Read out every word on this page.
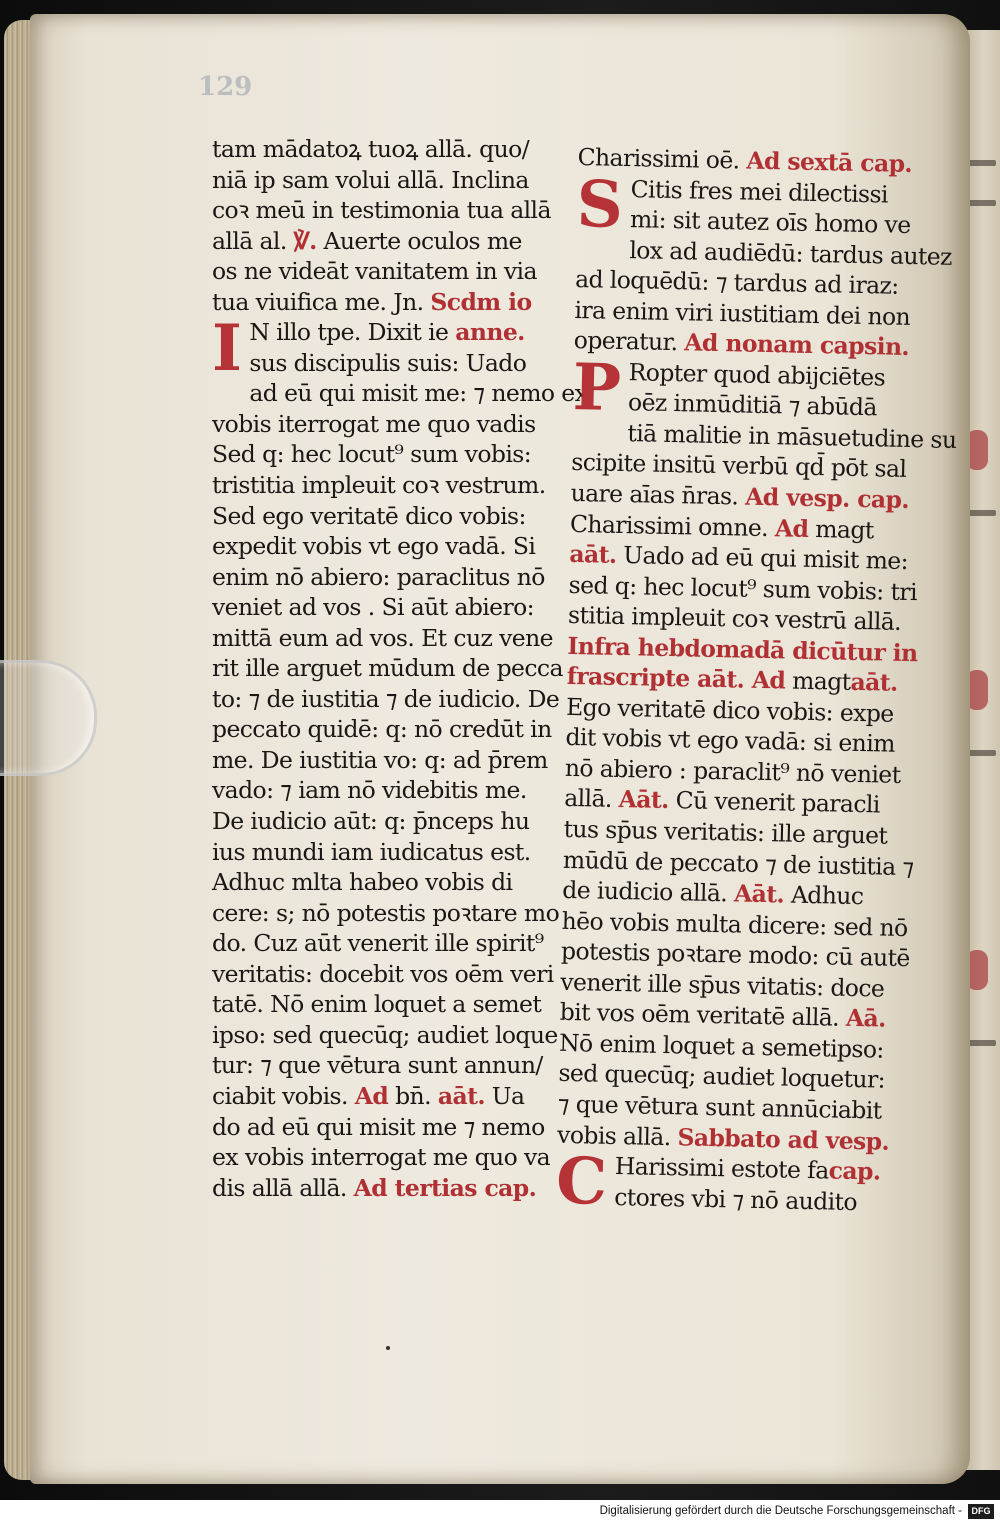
129
tam mādatoꝝ tuoꝝ allā. quo/
niā ip sam volui allā. Inclina
coꝛ meū in testimonia tua allā
allā al. ℣. Auerte oculos me
os ne videāt vanitatem in via
tua viuifica me. Jn. Scdm io
I N illo tpe. Dixit ie anne.
sus discipulis suis: Uado
ad eū qui misit me: ⁊ nemo ex
vobis iterrogat me quo vadis
Sed q: hec locut⁹ sum vobis:
tristitia impleuit coꝛ vestrum.
Sed ego veritatē dico vobis:
expedit vobis vt ego vadā. Si
enim nō abiero: paraclitus nō
veniet ad vos . Si aūt abiero:
mittā eum ad vos. Et cuz vene
rit ille arguet mūdum de pecca
to: ⁊ de iustitia ⁊ de iudicio. De
peccato quidē: q: nō credūt in
me. De iustitia vo: q: ad p̄rem
vado: ⁊ iam nō videbitis me.
De iudicio aūt: q: p̄nceps hu
ius mundi iam iudicatus est.
Adhuc mlta habeo vobis di
cere: s; nō potestis poꝛtare mo
do. Cuz aūt venerit ille spirit⁹
veritatis: docebit vos oēm veri
tatē. Nō enim loquet a semet
ipso: sed quecūq; audiet loque
tur: ⁊ que vētura sunt annun/
ciabit vobis. Ad bn̄. aāt. Ua
do ad eū qui misit me ⁊ nemo
ex vobis interrogat me quo va
dis allā allā. Ad tertias cap.
Charissimi oē. Ad sextā cap.
S Citis fres mei dilectissi
mi: sit autez oīs homo ve
lox ad audiēdū: tardus autez
ad loquēdū: ⁊ tardus ad iraz:
ira enim viri iustitiam dei non
operatur. Ad nonam capsin.
P Ropter quod abijciētes
oēz inmūditiā ⁊ abūdā
tiā malitie in māsuetudine su
scipite insitū verbū qd̄ pōt sal
uare aīas n̄ras. Ad vesp. cap.
Charissimi omne. Ad magt
aāt. Uado ad eū qui misit me:
sed q: hec locut⁹ sum vobis: tri
stitia impleuit coꝛ vestrū allā.
Infra hebdomadā dicūtur in
frascripte aāt. Ad magtaāt.
Ego veritatē dico vobis: expe
dit vobis vt ego vadā: si enim
nō abiero : paraclit⁹ nō veniet
allā. Aāt. Cū venerit paracli
tus sp̄us veritatis: ille arguet
mūdū de peccato ⁊ de iustitia ⁊
de iudicio allā. Aāt. Adhuc
hēo vobis multa dicere: sed nō
potestis poꝛtare modo: cū autē
venerit ille sp̄us vitatis: doce
bit vos oēm veritatē allā. Aā.
Nō enim loquet a semetipso:
sed quecūq; audiet loquetur:
⁊ que vētura sunt annūciabit
vobis allā. Sabbato ad vesp.
C Harissimi estote facap.
ctores vbi ⁊ nō audito
Digitalisierung gefördert durch die Deutsche Forschungsgemeinschaft -	DFG
